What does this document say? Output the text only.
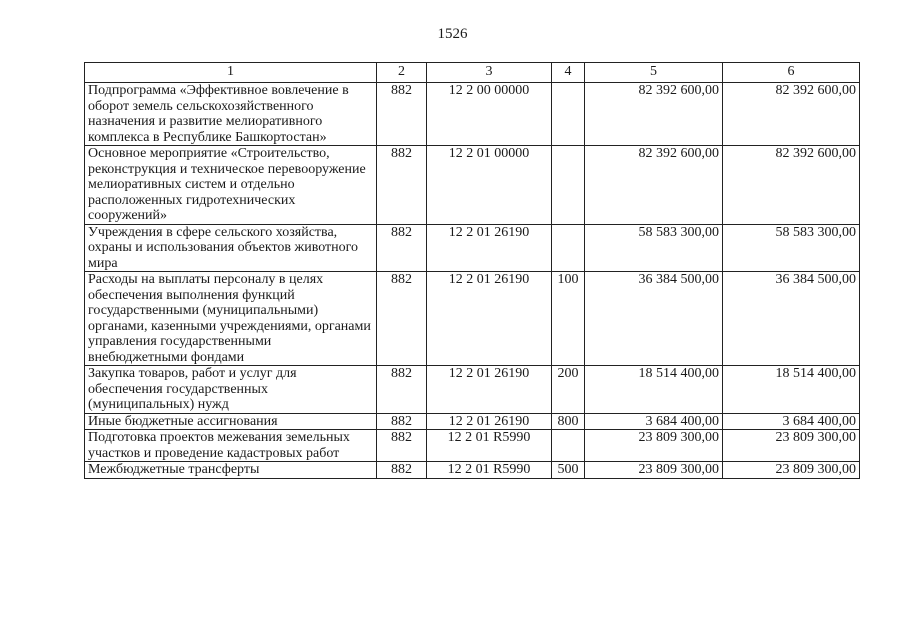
1526
1	2	3	4	5	6
Подпрограмма «Эффективное вовлечение в оборот земель сельскохозяйственного назначения и развитие мелиоративного комплекса в Республике Башкортостан»	882	12 2 00 00000		82 392 600,00	82 392 600,00
Основное мероприятие «Строительство, реконструкция и техническое перевооружение мелиоративных систем и отдельно расположенных гидротехнических сооружений»	882	12 2 01 00000		82 392 600,00	82 392 600,00
Учреждения в сфере сельского хозяйства, охраны и использования объектов животного мира	882	12 2 01 26190		58 583 300,00	58 583 300,00
Расходы на выплаты персоналу в целях обеспечения выполнения функций государственными (муниципальными) органами, казенными учреждениями, органами управления государственными внебюджетными фондами	882	12 2 01 26190	100	36 384 500,00	36 384 500,00
Закупка товаров, работ и услуг для обеспечения государственных (муниципальных) нужд	882	12 2 01 26190	200	18 514 400,00	18 514 400,00
Иные бюджетные ассигнования	882	12 2 01 26190	800	3 684 400,00	3 684 400,00
Подготовка проектов межевания земельных участков и проведение кадастровых работ	882	12 2 01 R5990		23 809 300,00	23 809 300,00
Межбюджетные трансферты	882	12 2 01 R5990	500	23 809 300,00	23 809 300,00
